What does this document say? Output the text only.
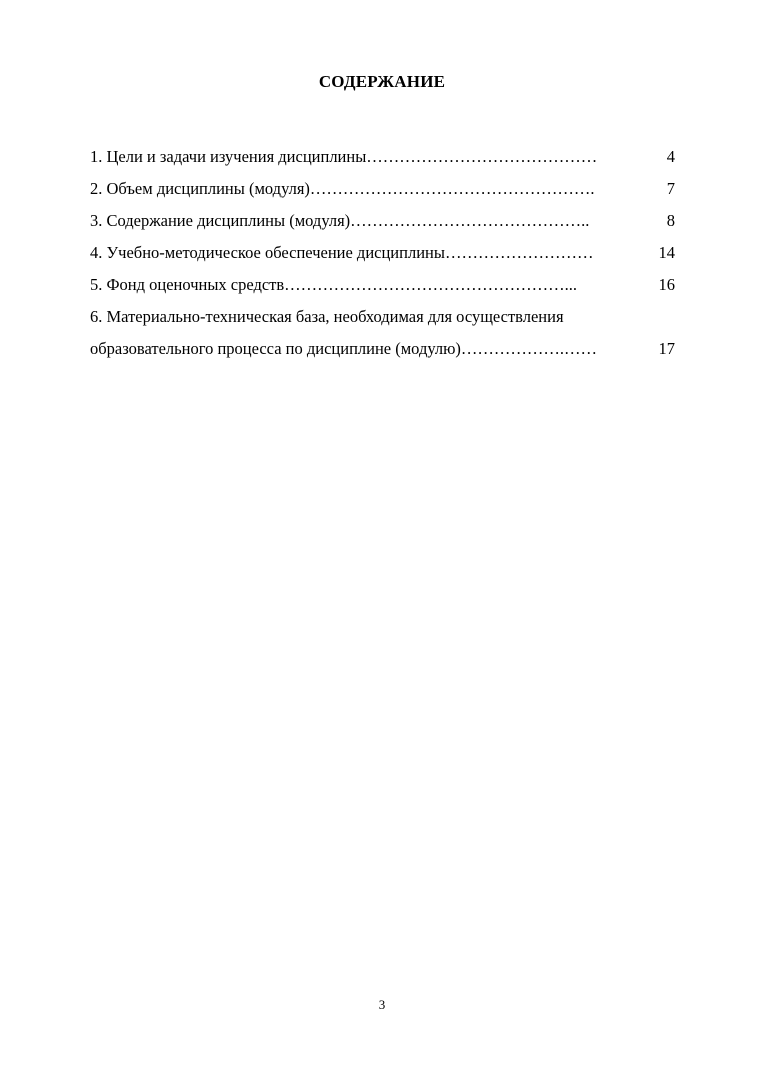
СОДЕРЖАНИЕ
1. Цели и задачи изучения дисциплины……………………………………	4
2. Объем дисциплины (модуля)…………………………………………….	7
3. Содержание дисциплины (модуля)……………………………………..	8
4. Учебно-методическое обеспечение дисциплины………………………	14
5. Фонд оценочных средств……………………………………………...	16
6. Материально-техническая база, необходимая для осуществления
образовательного процесса по дисциплине (модулю)……………….……	17
3
